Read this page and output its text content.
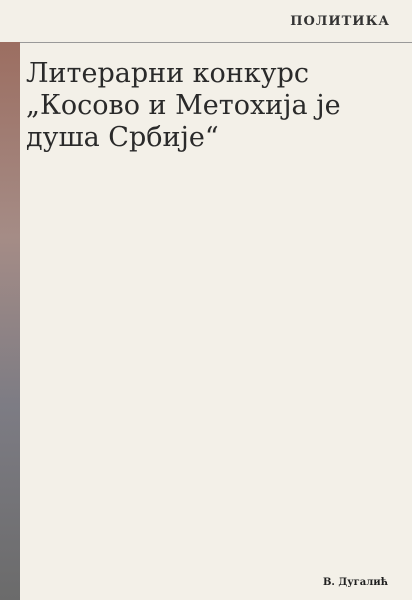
ПОЛИТИКА
Литерарни конкурс „Косово и Метохија је душа Србије“

В. Дугалић
